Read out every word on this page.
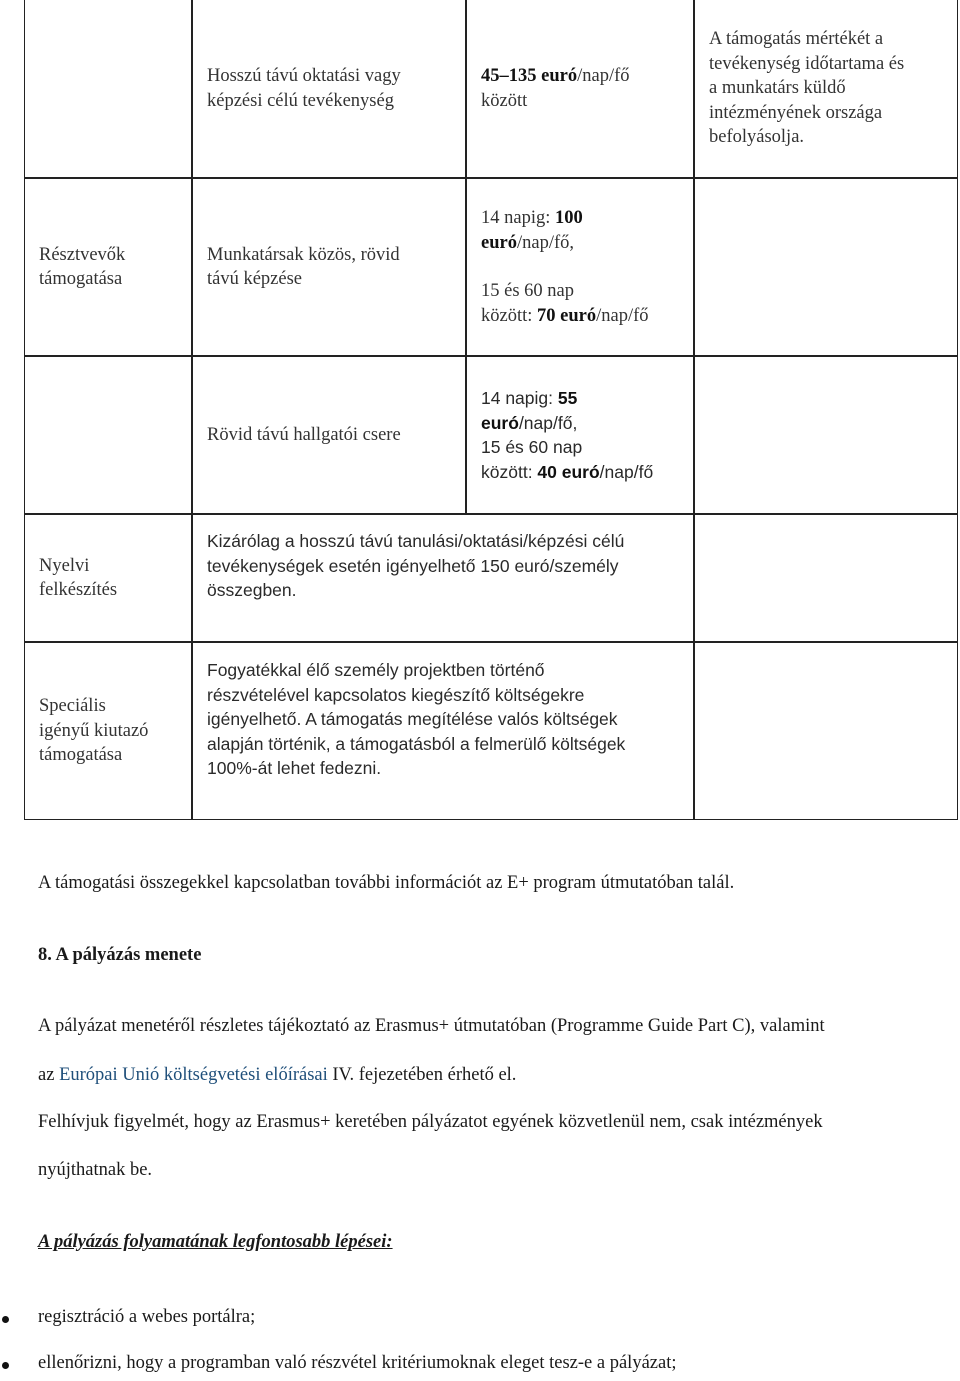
Hosszú távú oktatási vagy
képzési célú tevékenység
45–135 euró/nap/fő
között
A támogatás mértékét a
tevékenység időtartama és
a munkatárs küldő
intézményének országa
befolyásolja.
Résztvevők
támogatása
Munkatársak közös, rövid
távú képzése
14 napig: 100
euró/nap/fő,
15 és 60 nap
között: 70 euró/nap/fő
Rövid távú hallgatói csere
14 napig: 55
euró/nap/fő,
15 és 60 nap
között: 40 euró/nap/fő
Nyelvi
felkészítés
Kizárólag a hosszú távú tanulási/oktatási/képzési célú
tevékenységek esetén igényelhető 150 euró/személy
összegben.
Speciális
igényű kiutazó
támogatása
Fogyatékkal élő személy projektben történő
részvételével kapcsolatos kiegészítő költségekre
igényelhető. A támogatás megítélése valós költségek
alapján történik, a támogatásból a felmerülő költségek
100%-át lehet fedezni.
A támogatási összegekkel kapcsolatban további információt az E+ program útmutatóban talál.
8. A pályázás menete
A pályázat menetéről részletes tájékoztató az Erasmus+ útmutatóban (Programme Guide Part C), valamint
az Európai Unió költségvetési előírásai IV. fejezetében érhető el.
Felhívjuk figyelmét, hogy az Erasmus+ keretében pályázatot egyének közvetlenül nem, csak intézmények
nyújthatnak be.
A pályázás folyamatának legfontosabb lépései:
regisztráció a webes portálra;
ellenőrizni, hogy a programban való részvétel kritériumoknak eleget tesz-e a pályázat;
